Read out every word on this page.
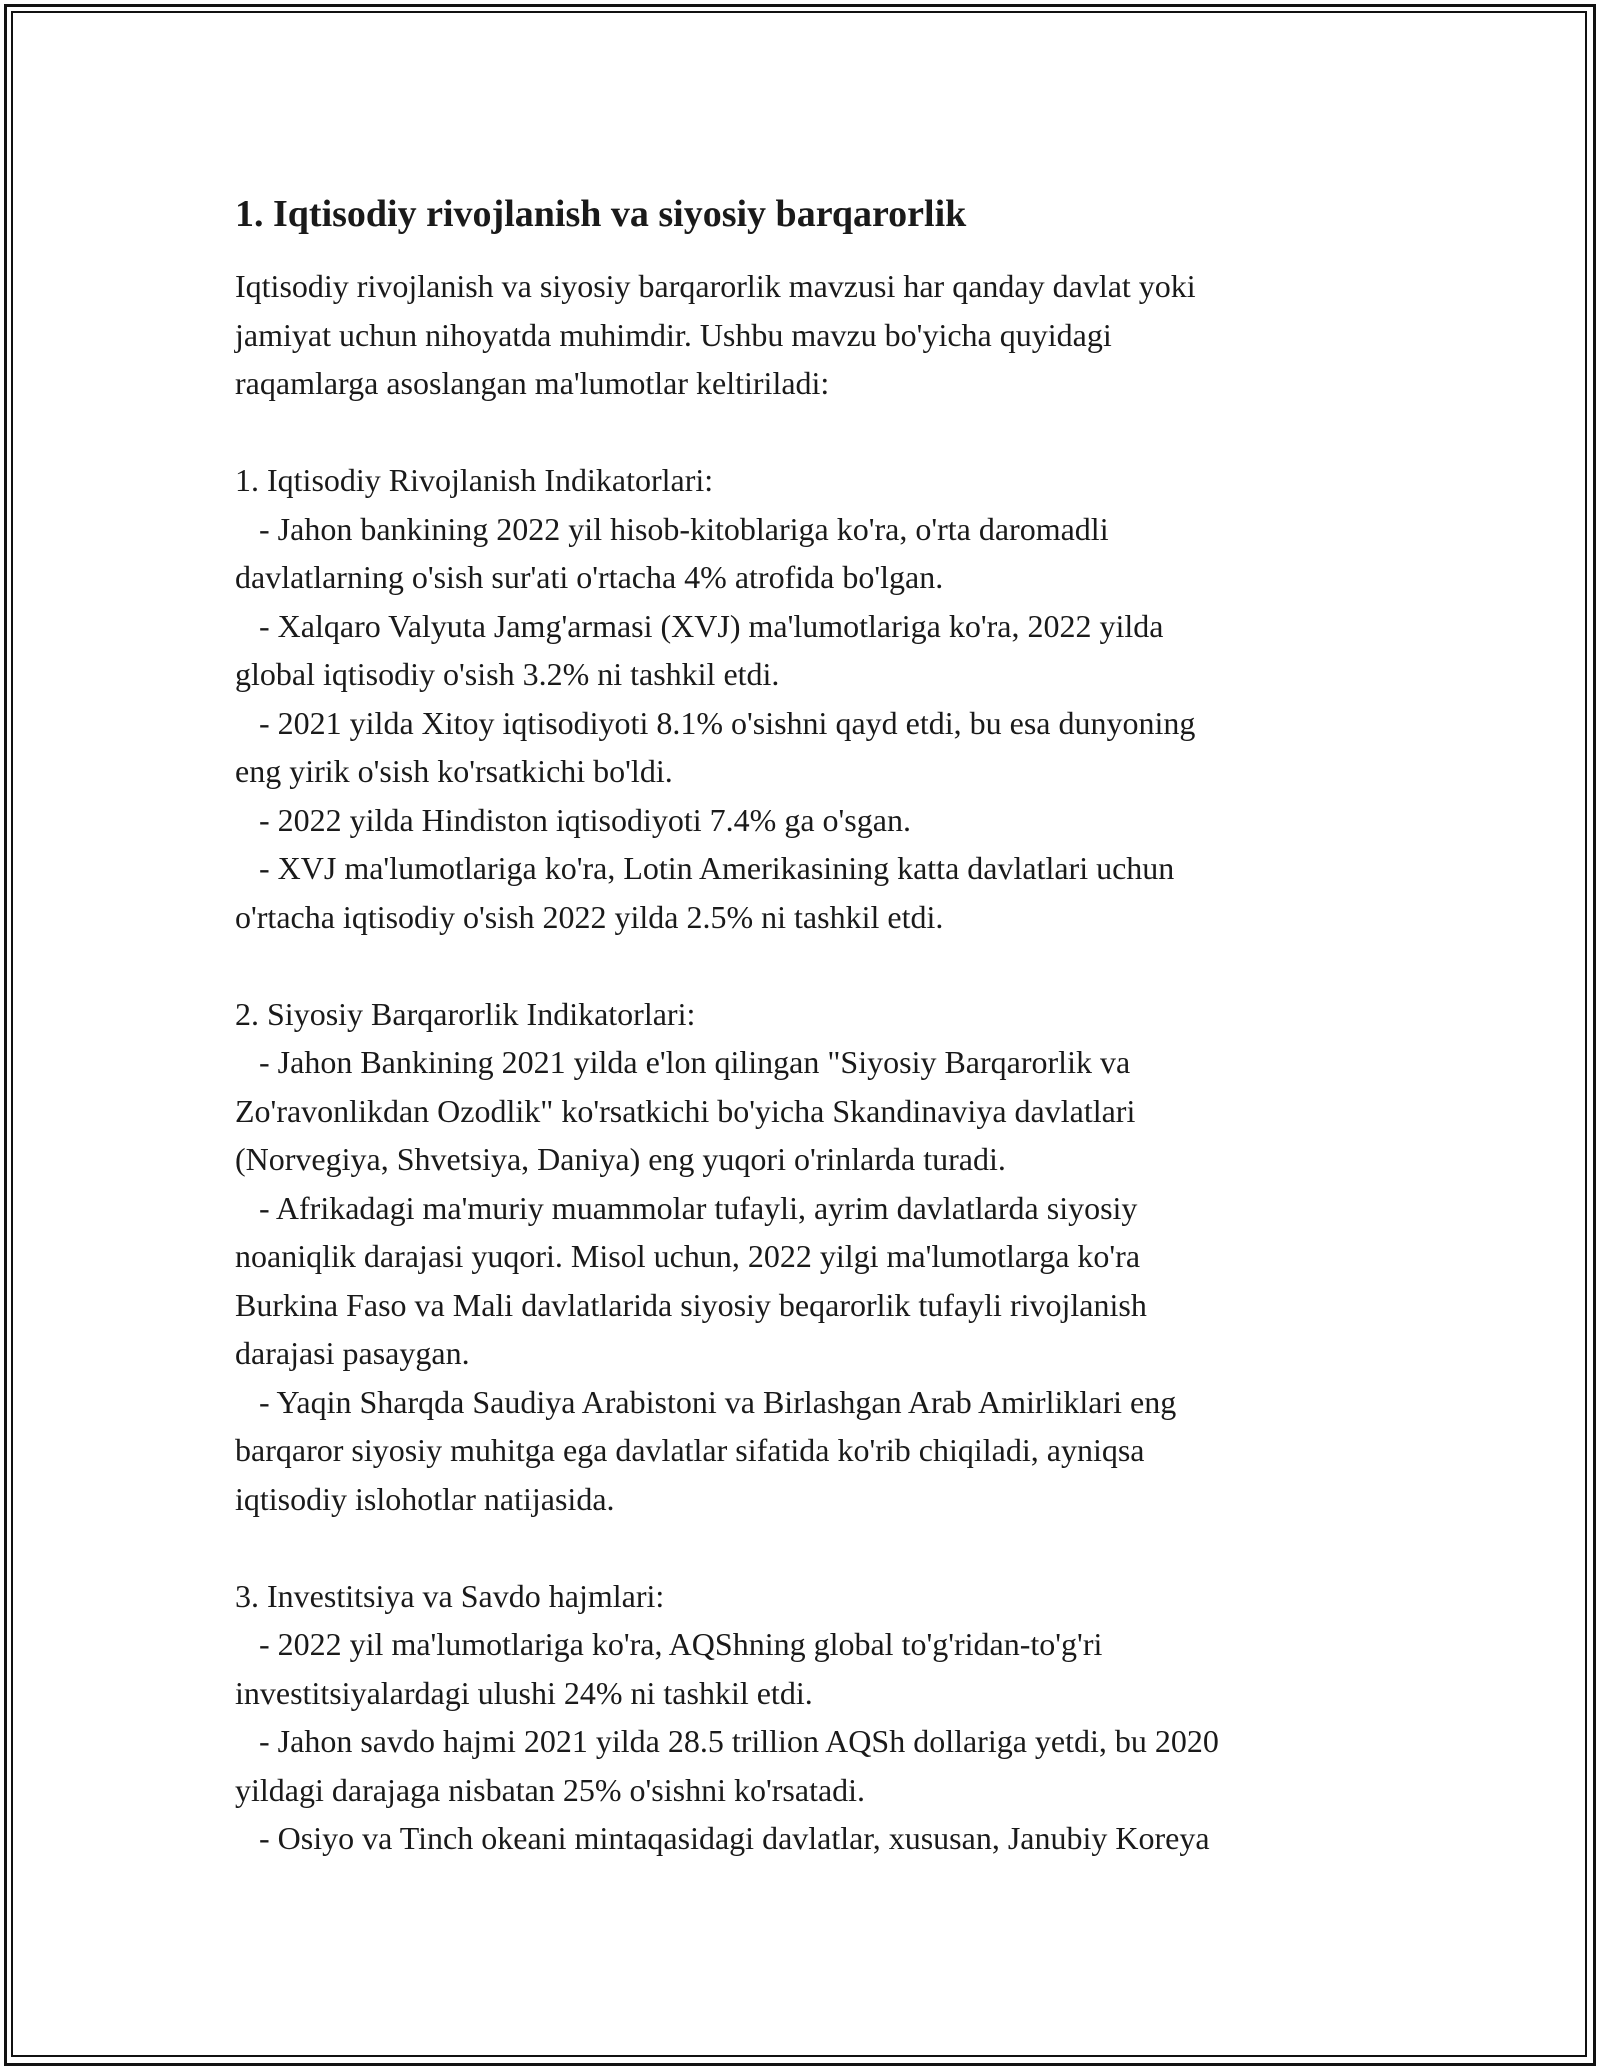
1. Iqtisodiy rivojlanish va siyosiy barqarorlik
Iqtisodiy rivojlanish va siyosiy barqarorlik mavzusi har qanday davlat yoki
jamiyat uchun nihoyatda muhimdir. Ushbu mavzu bo'yicha quyidagi
raqamlarga asoslangan ma'lumotlar keltiriladi:
1. Iqtisodiy Rivojlanish Indikatorlari:
- Jahon bankining 2022 yil hisob-kitoblariga ko'ra, o'rta daromadli
davlatlarning o'sish sur'ati o'rtacha 4% atrofida bo'lgan.
- Xalqaro Valyuta Jamg'armasi (XVJ) ma'lumotlariga ko'ra, 2022 yilda
global iqtisodiy o'sish 3.2% ni tashkil etdi.
- 2021 yilda Xitoy iqtisodiyoti 8.1% o'sishni qayd etdi, bu esa dunyoning
eng yirik o'sish ko'rsatkichi bo'ldi.
- 2022 yilda Hindiston iqtisodiyoti 7.4% ga o'sgan.
- XVJ ma'lumotlariga ko'ra, Lotin Amerikasining katta davlatlari uchun
o'rtacha iqtisodiy o'sish 2022 yilda 2.5% ni tashkil etdi.
2. Siyosiy Barqarorlik Indikatorlari:
- Jahon Bankining 2021 yilda e'lon qilingan "Siyosiy Barqarorlik va
Zo'ravonlikdan Ozodlik" ko'rsatkichi bo'yicha Skandinaviya davlatlari
(Norvegiya, Shvetsiya, Daniya) eng yuqori o'rinlarda turadi.
- Afrikadagi ma'muriy muammolar tufayli, ayrim davlatlarda siyosiy
noaniqlik darajasi yuqori. Misol uchun, 2022 yilgi ma'lumotlarga ko'ra
Burkina Faso va Mali davlatlarida siyosiy beqarorlik tufayli rivojlanish
darajasi pasaygan.
- Yaqin Sharqda Saudiya Arabistoni va Birlashgan Arab Amirliklari eng
barqaror siyosiy muhitga ega davlatlar sifatida ko'rib chiqiladi, ayniqsa
iqtisodiy islohotlar natijasida.
3. Investitsiya va Savdo hajmlari:
- 2022 yil ma'lumotlariga ko'ra, AQShning global to'g'ridan-to'g'ri
investitsiyalardagi ulushi 24% ni tashkil etdi.
- Jahon savdo hajmi 2021 yilda 28.5 trillion AQSh dollariga yetdi, bu 2020
yildagi darajaga nisbatan 25% o'sishni ko'rsatadi.
- Osiyo va Tinch okeani mintaqasidagi davlatlar, xususan, Janubiy Koreya
